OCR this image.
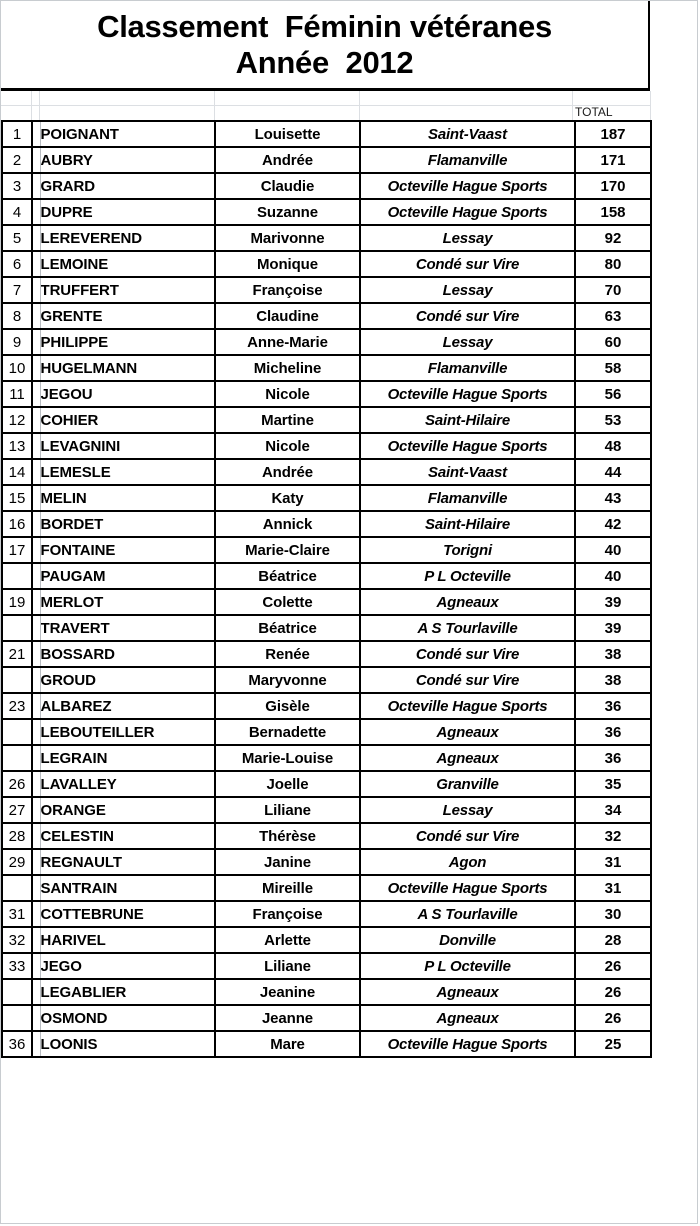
Classement  Féminin vétéranes
Année  2012
TOTAL
1		POIGNANT	Louisette	Saint-Vaast	187
2		AUBRY	Andrée	Flamanville	171
3		GRARD	Claudie	Octeville Hague Sports	170
4		DUPRE	Suzanne	Octeville Hague Sports	158
5		LEREVEREND	Marivonne	Lessay	92
6		LEMOINE	Monique	Condé sur Vire	80
7		TRUFFERT	Françoise	Lessay	70
8		GRENTE	Claudine	Condé sur Vire	63
9		PHILIPPE	Anne-Marie	Lessay	60
10		HUGELMANN	Micheline	Flamanville	58
11		JEGOU	Nicole	Octeville Hague Sports	56
12		COHIER	Martine	Saint-Hilaire	53
13		LEVAGNINI	Nicole	Octeville Hague Sports	48
14		LEMESLE	Andrée	Saint-Vaast	44
15		MELIN	Katy	Flamanville	43
16		BORDET	Annick	Saint-Hilaire	42
17		FONTAINE	Marie-Claire	Torigni	40
		PAUGAM	Béatrice	P L Octeville	40
19		MERLOT	Colette	Agneaux	39
		TRAVERT	Béatrice	A S Tourlaville	39
21		BOSSARD	Renée	Condé sur Vire	38
		GROUD	Maryvonne	Condé sur Vire	38
23		ALBAREZ	Gisèle	Octeville Hague Sports	36
		LEBOUTEILLER	Bernadette	Agneaux	36
		LEGRAIN	Marie-Louise	Agneaux	36
26		LAVALLEY	Joelle	Granville	35
27		ORANGE	Liliane	Lessay	34
28		CELESTIN	Thérèse	Condé sur Vire	32
29		REGNAULT	Janine	Agon	31
		SANTRAIN	Mireille	Octeville Hague Sports	31
31		COTTEBRUNE	Françoise	A S Tourlaville	30
32		HARIVEL	Arlette	Donville	28
33		JEGO	Liliane	P L Octeville	26
		LEGABLIER	Jeanine	Agneaux	26
		OSMOND	Jeanne	Agneaux	26
36		LOONIS	Mare	Octeville Hague Sports	25
